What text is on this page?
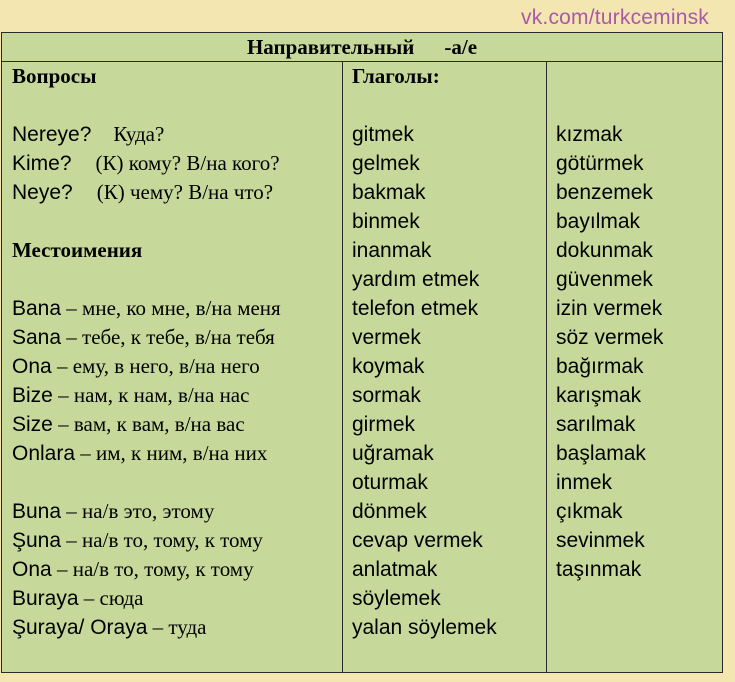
vk.com/turkceminsk
Направительный -а/е
Вопросы
Nereye? Куда?
Kime? (К) кому? В/на кого?
Neye? (К) чему? В/на что?
Местоимения
Bana – мне, ко мне, в/на меня
Sana – тебе, к тебе, в/на тебя
Ona – ему, в него, в/на него
Bize – нам, к нам, в/на нас
Size – вам, к вам, в/на вас
Onlara – им, к ним, в/на них
Buna – на/в это, этому
Şuna – на/в то, тому, к тому
Ona – на/в то, тому, к тому
Buraya – сюда
Şuraya/ Oraya – туда
Глаголы:
gitmek
gelmek
bakmak
binmek
inanmak
yardım etmek
telefon etmek
vermek
koymak
sormak
girmek
uğramak
oturmak
dönmek
cevap vermek
anlatmak
söylemek
yalan söylemek
kızmak
götürmek
benzemek
bayılmak
dokunmak
güvenmek
izin vermek
söz vermek
bağırmak
karışmak
sarılmak
başlamak
inmek
çıkmak
sevinmek
taşınmak
